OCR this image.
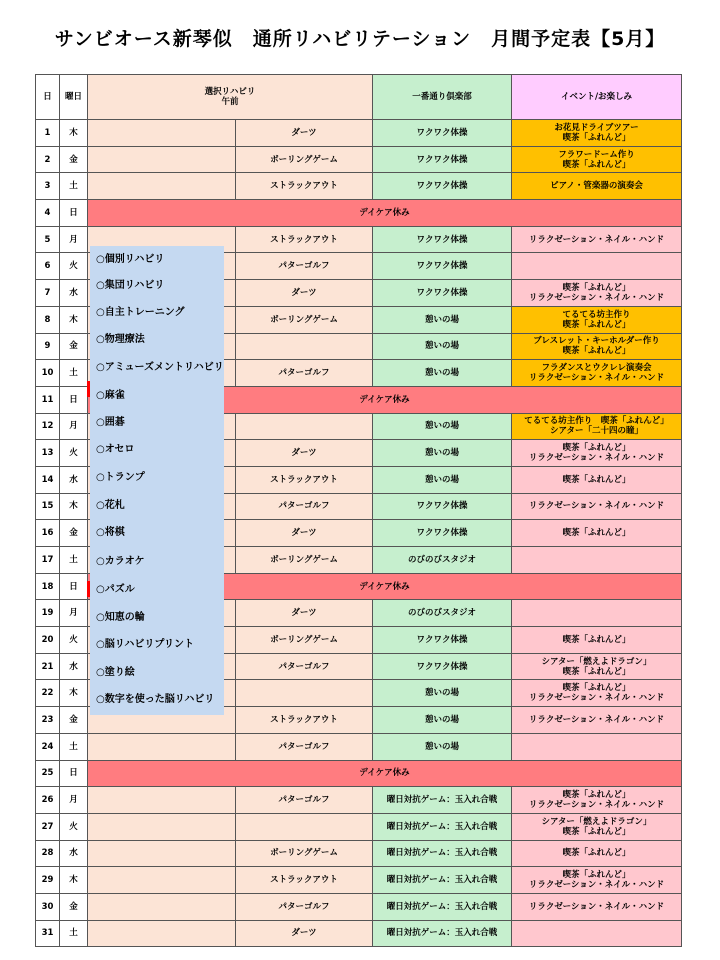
サンビオース新琴似　通所リハビリテーション　月間予定表【5月】
日	曜日	選択リハビリ
午前		一番通り倶楽部	イベント/お楽しみ
1	木		ダーツ	ワクワク体操	お花見ドライブツアー
喫茶「ふれんど」

2	金		ボーリングゲーム	ワクワク体操	フラワードーム作り
喫茶「ふれんど」

3	土		ストラックアウト	ワクワク体操	ピアノ・管楽器の演奏会

4	日	デイケア休み			
5	月		ストラックアウト	ワクワク体操	リラクゼーション・ネイル・ハンド

6	火		パターゴルフ	ワクワク体操	
7	水		ダーツ	ワクワク体操	喫茶「ふれんど」
リラクゼーション・ネイル・ハンド

8	木		ボーリングゲーム	憩いの場	てるてる坊主作り
喫茶「ふれんど」

9	金			憩いの場	ブレスレット・キーホルダー作り
喫茶「ふれんど」

10	土		パターゴルフ	憩いの場	フラダンスとウクレレ演奏会
リラクゼーション・ネイル・ハンド

11	日	デイケア休み			
12	月			憩いの場	てるてる坊主作り　喫茶「ふれんど」
シアター「二十四の瞳」

13	火		ダーツ	憩いの場	喫茶「ふれんど」
リラクゼーション・ネイル・ハンド

14	水		ストラックアウト	憩いの場	喫茶「ふれんど」

15	木		パターゴルフ	ワクワク体操	リラクゼーション・ネイル・ハンド

16	金		ダーツ	ワクワク体操	喫茶「ふれんど」

17	土		ボーリングゲーム	のびのびスタジオ	
18	日	デイケア休み			
19	月		ダーツ	のびのびスタジオ	
20	火		ボーリングゲーム	ワクワク体操	喫茶「ふれんど」

21	水		パターゴルフ	ワクワク体操	シアター「燃えよドラゴン」
喫茶「ふれんど」

22	木			憩いの場	喫茶「ふれんど」
リラクゼーション・ネイル・ハンド

23	金		ストラックアウト	憩いの場	リラクゼーション・ネイル・ハンド

24	土		パターゴルフ	憩いの場	
25	日	デイケア休み			
26	月		パターゴルフ	曜日対抗ゲーム：玉入れ合戦	喫茶「ふれんど」
リラクゼーション・ネイル・ハンド

27	火			曜日対抗ゲーム：玉入れ合戦	シアター「燃えよドラゴン」
喫茶「ふれんど」

28	水		ボーリングゲーム	曜日対抗ゲーム：玉入れ合戦	喫茶「ふれんど」

29	木		ストラックアウト	曜日対抗ゲーム：玉入れ合戦	喫茶「ふれんど」
リラクゼーション・ネイル・ハンド

30	金		パターゴルフ	曜日対抗ゲーム：玉入れ合戦	リラクゼーション・ネイル・ハンド

31	土		ダーツ	曜日対抗ゲーム：玉入れ合戦	
○個別リハビリ
○集団リハビリ
○自主トレーニング
○物理療法
○アミューズメントリハビリ
○麻雀
○囲碁
○オセロ
○トランプ
○花札
○将棋
○カラオケ
○パズル
○知恵の輪
○脳リハビリプリント
○塗り絵
○数字を使った脳リハビリ
